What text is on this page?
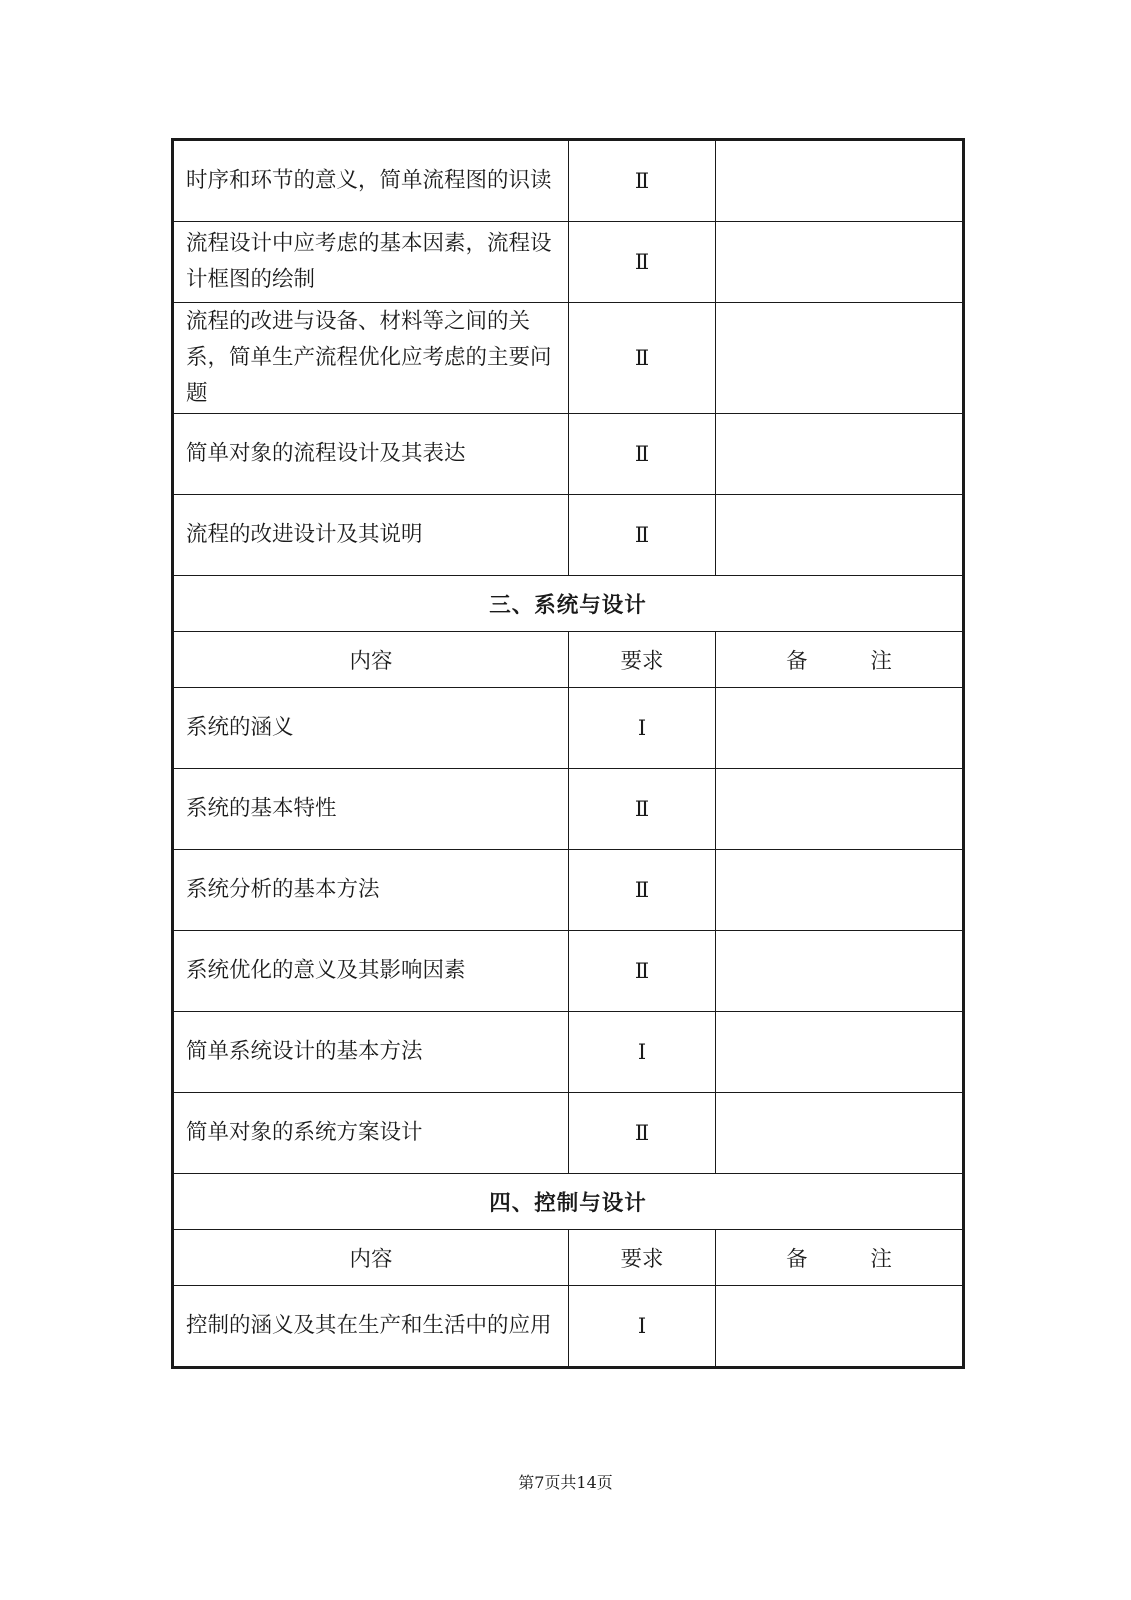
时序和环节的意义，简单流程图的识读	Ⅱ	
流程设计中应考虑的基本因素，流程设计框图的绘制	Ⅱ	
流程的改进与设备、材料等之间的关系，简单生产流程优化应考虑的主要问题	Ⅱ	
简单对象的流程设计及其表达	Ⅱ	
流程的改进设计及其说明	Ⅱ	
三、系统与设计		
内容	要求	备 注
系统的涵义	Ⅰ	
系统的基本特性	Ⅱ	
系统分析的基本方法	Ⅱ	
系统优化的意义及其影响因素	Ⅱ	
简单系统设计的基本方法	Ⅰ	
简单对象的系统方案设计	Ⅱ	
四、控制与设计		
内容	要求	备 注
控制的涵义及其在生产和生活中的应用	Ⅰ	
第7页共14页
